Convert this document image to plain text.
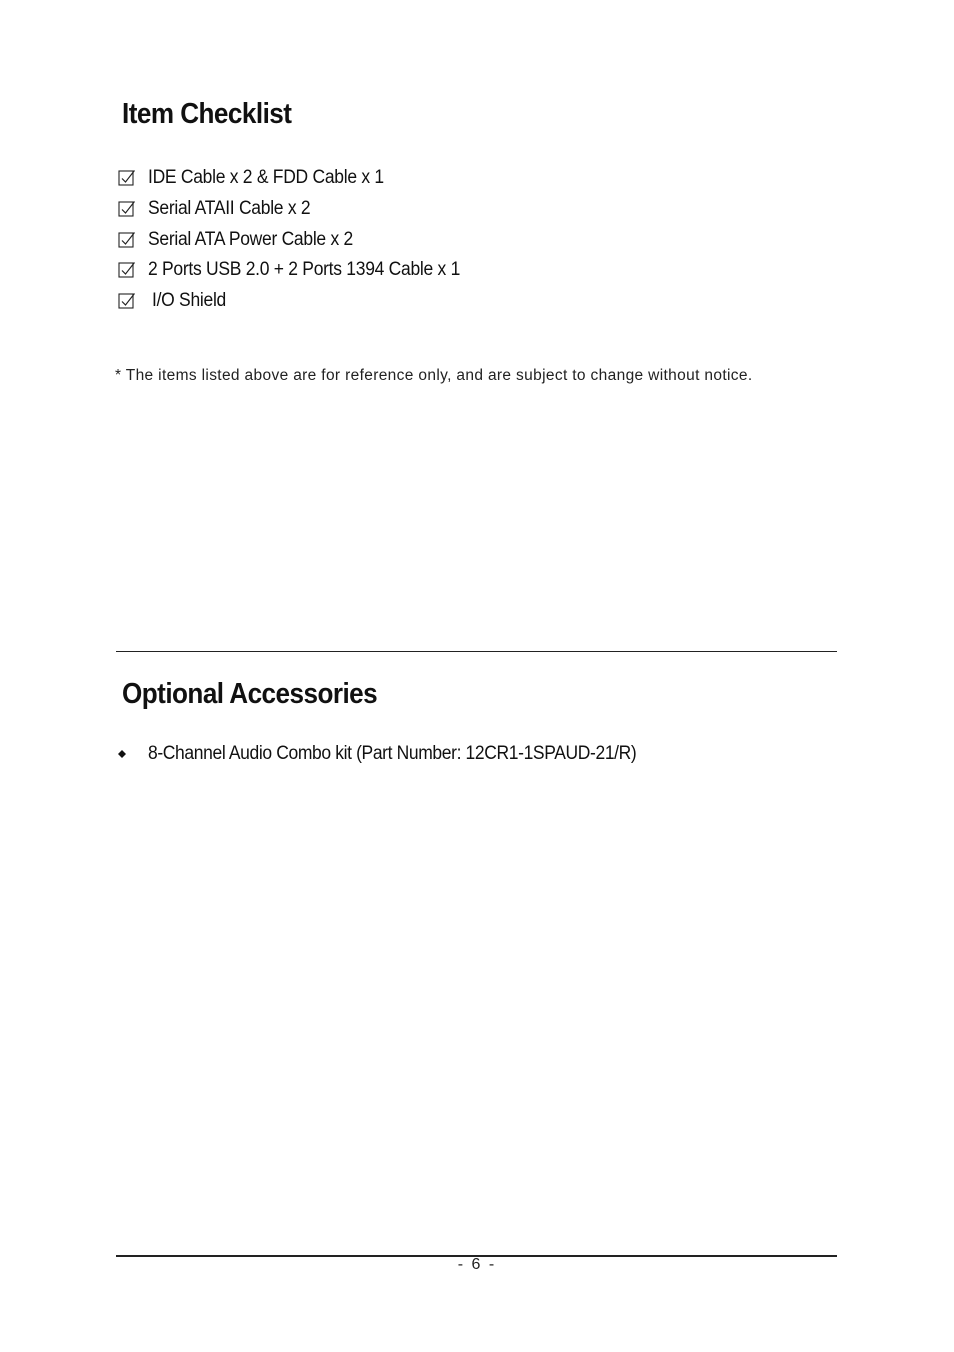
Item Checklist
IDE Cable x 2 & FDD Cable x 1
Serial ATAII Cable x 2
Serial ATA Power Cable x 2
2 Ports USB 2.0 + 2 Ports 1394 Cable x 1
I/O Shield

* The items listed above are for reference only, and are subject to change without notice.

Optional Accessories
8-Channel Audio Combo kit (Part Number: 12CR1-1SPAUD-21/R)
- 6 -
